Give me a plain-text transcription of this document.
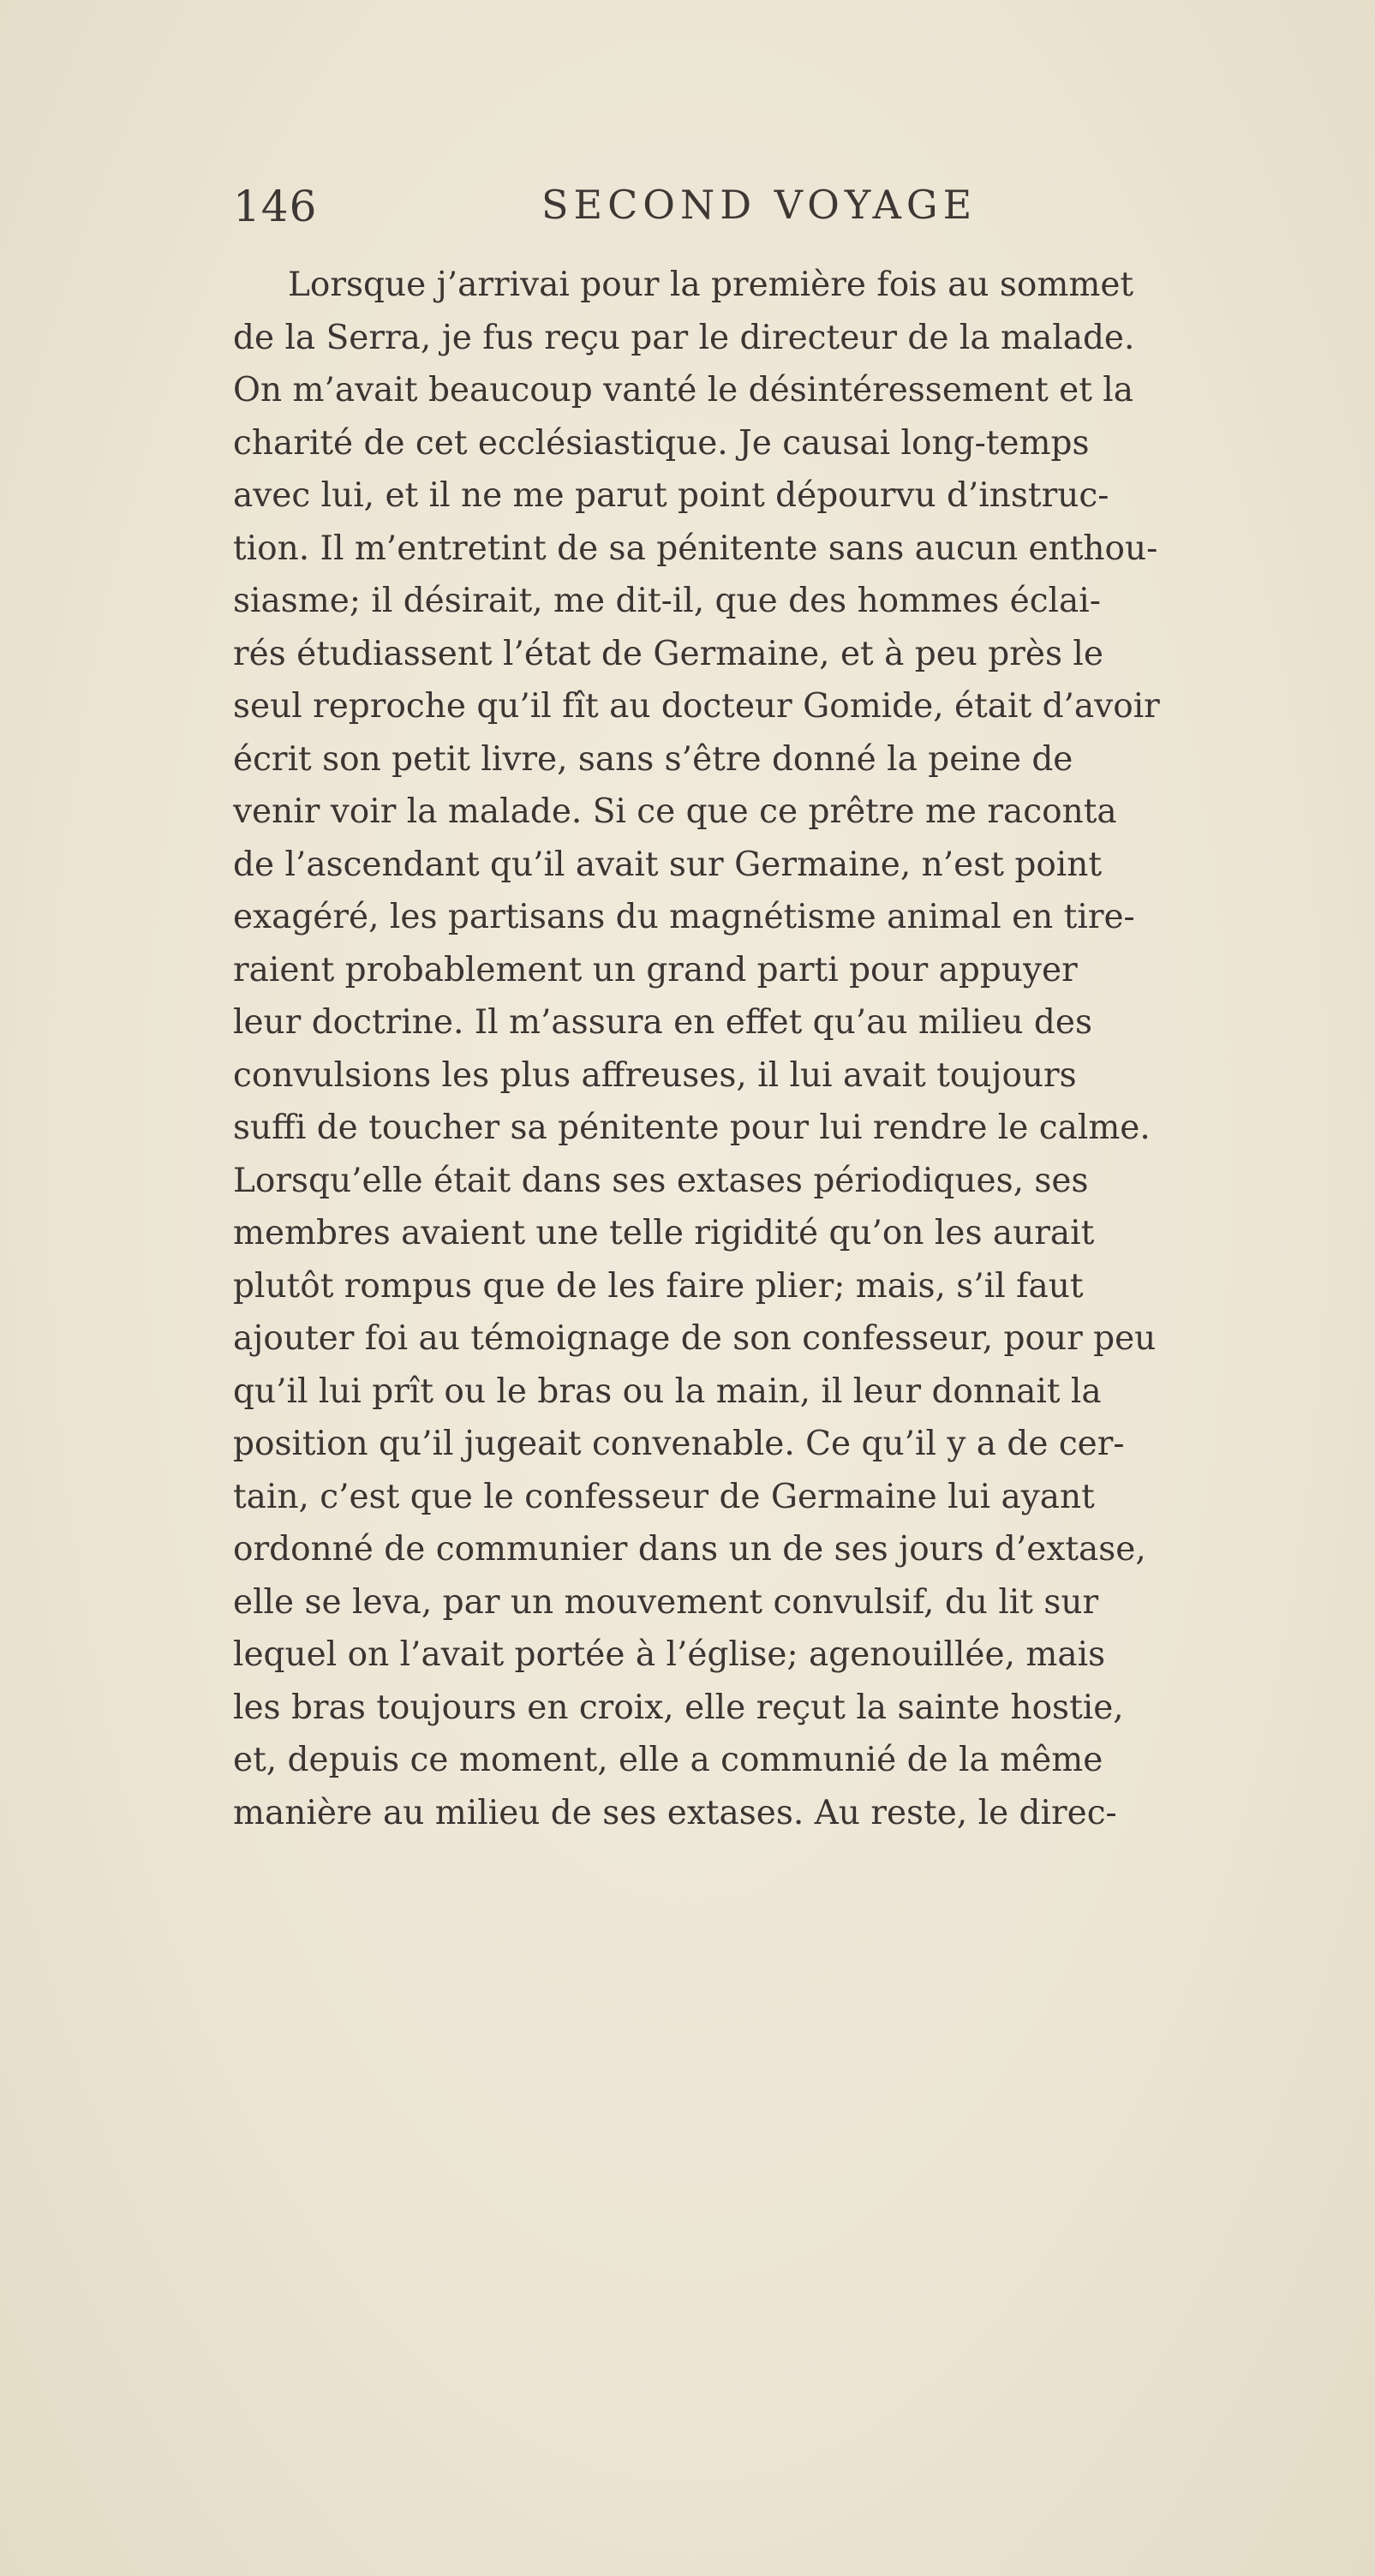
146	SECOND VOYAGE
Lorsque j’arrivai pour la première fois au sommet
de la Serra, je fus reçu par le directeur de la malade.
On m’avait beaucoup vanté le désintéressement et la
charité de cet ecclésiastique. Je causai long-temps
avec lui, et il ne me parut point dépourvu d’instruc-
tion. Il m’entretint de sa pénitente sans aucun enthou-
siasme; il désirait, me dit-il, que des hommes éclai-
rés étudiassent l’état de Germaine, et à peu près le
seul reproche qu’il fît au docteur Gomide, était d’avoir
écrit son petit livre, sans s’être donné la peine de
venir voir la malade. Si ce que ce prêtre me raconta
de l’ascendant qu’il avait sur Germaine, n’est point
exagéré, les partisans du magnétisme animal en tire-
raient probablement un grand parti pour appuyer
leur doctrine. Il m’assura en effet qu’au milieu des
convulsions les plus affreuses, il lui avait toujours
suffi de toucher sa pénitente pour lui rendre le calme.
Lorsqu’elle était dans ses extases périodiques, ses
membres avaient une telle rigidité qu’on les aurait
plutôt rompus que de les faire plier; mais, s’il faut
ajouter foi au témoignage de son confesseur, pour peu
qu’il lui prît ou le bras ou la main, il leur donnait la
position qu’il jugeait convenable. Ce qu’il y a de cer-
tain, c’est que le confesseur de Germaine lui ayant
ordonné de communier dans un de ses jours d’extase,
elle se leva, par un mouvement convulsif, du lit sur
lequel on l’avait portée à l’église; agenouillée, mais
les bras toujours en croix, elle reçut la sainte hostie,
et, depuis ce moment, elle a communié de la même
manière au milieu de ses extases. Au reste, le direc-
